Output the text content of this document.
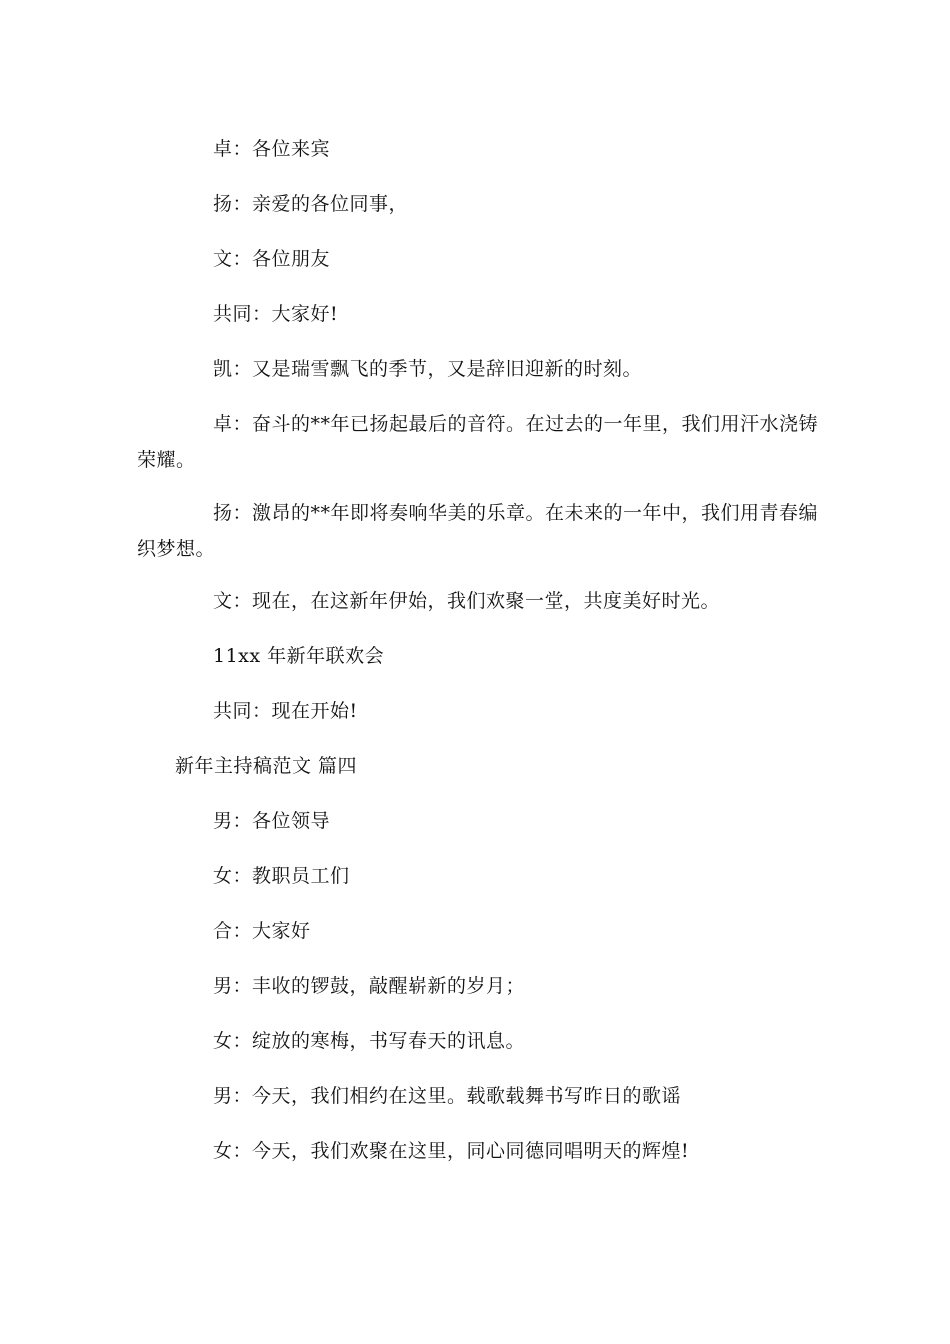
卓：各位来宾
扬：亲爱的各位同事，
文：各位朋友
共同：大家好!
凯：又是瑞雪飘飞的季节，又是辞旧迎新的时刻。
卓：奋斗的**年已扬起最后的音符。在过去的一年里，我们用汗水浇铸
荣耀。
扬：激昂的**年即将奏响华美的乐章。在未来的一年中，我们用青春编
织梦想。
文：现在，在这新年伊始，我们欢聚一堂，共度美好时光。
11xx 年新年联欢会
共同：现在开始!
新年主持稿范文 篇四
男：各位领导
女：教职员工们
合：大家好
男：丰收的锣鼓，敲醒崭新的岁月；
女：绽放的寒梅，书写春天的讯息。
男：今天，我们相约在这里。载歌载舞书写昨日的歌谣
女：今天，我们欢聚在这里，同心同德同唱明天的辉煌!
